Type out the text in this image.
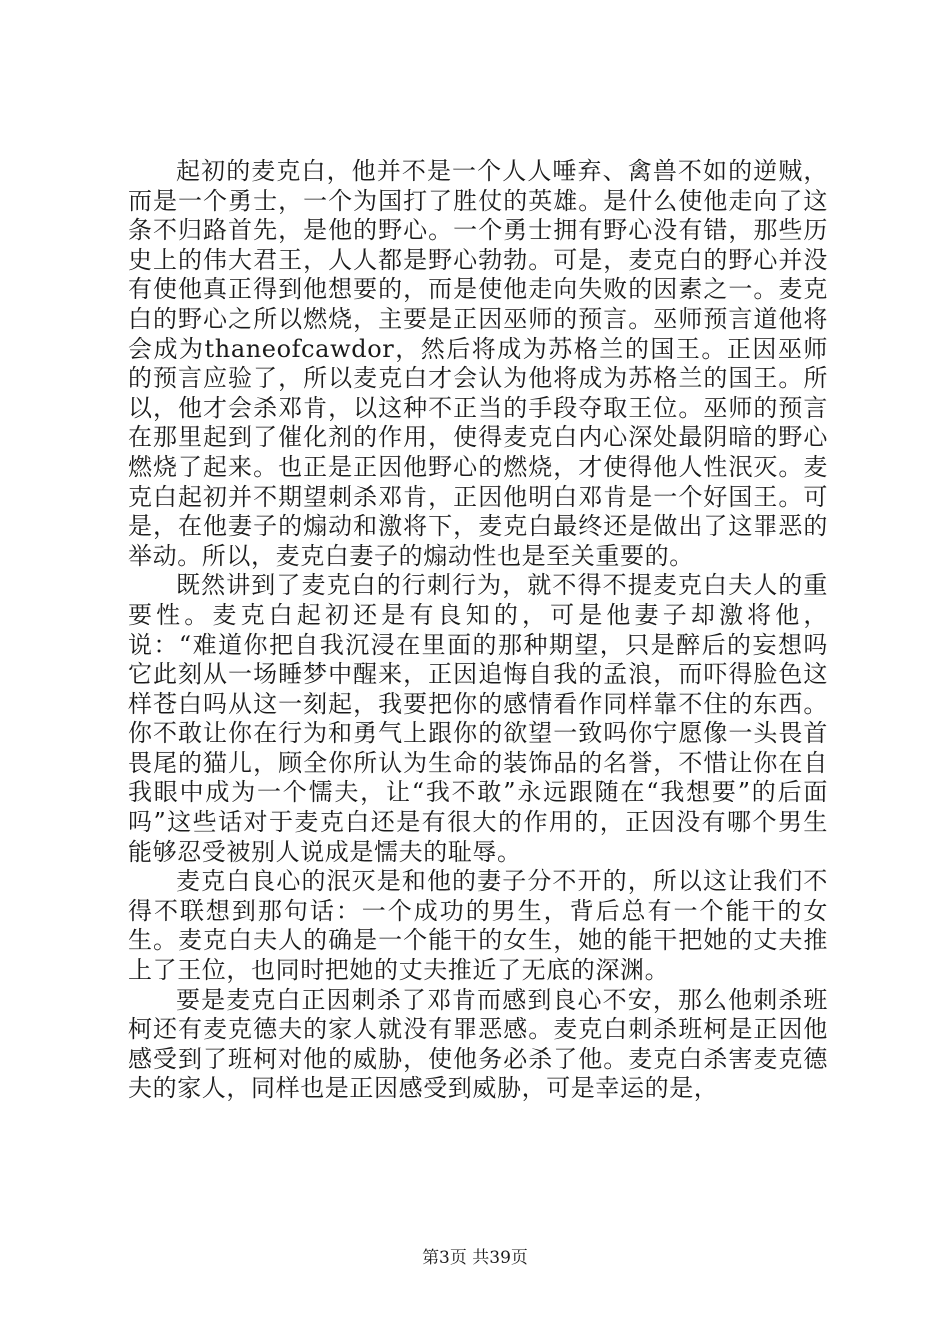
起初的麦克白，他并不是一个人人唾弃、禽兽不如的逆贼，而是一个勇士，一个为国打了胜仗的英雄。是什么使他走向了这条不归路首先，是他的野心。一个勇士拥有野心没有错，那些历史上的伟大君王，人人都是野心勃勃。可是，麦克白的野心并没有使他真正得到他想要的，而是使他走向失败的因素之一。麦克白的野心之所以燃烧，主要是正因巫师的预言。巫师预言道他将会成为thaneofcawdor，然后将成为苏格兰的国王。正因巫师的预言应验了，所以麦克白才会认为他将成为苏格兰的国王。所以，他才会杀邓肯，以这种不正当的手段夺取王位。巫师的预言在那里起到了催化剂的作用，使得麦克白内心深处最阴暗的野心燃烧了起来。也正是正因他野心的燃烧，才使得他人性泯灭。麦克白起初并不期望刺杀邓肯，正因他明白邓肯是一个好国王。可是，在他妻子的煽动和激将下，麦克白最终还是做出了这罪恶的举动。所以，麦克白妻子的煽动性也是至关重要的。

既然讲到了麦克白的行刺行为，就不得不提麦克白夫人的重要性。麦克白起初还是有良知的，可是他妻子却激将他，说：“难道你把自我沉浸在里面的那种期望，只是醉后的妄想吗它此刻从一场睡梦中醒来，正因追悔自我的孟浪，而吓得脸色这样苍白吗从这一刻起，我要把你的感情看作同样靠不住的东西。你不敢让你在行为和勇气上跟你的欲望一致吗你宁愿像一头畏首畏尾的猫儿，顾全你所认为生命的装饰品的名誉，不惜让你在自我眼中成为一个懦夫，让“我不敢”永远跟随在“我想要”的后面吗”这些话对于麦克白还是有很大的作用的，正因没有哪个男生能够忍受被别人说成是懦夫的耻辱。

麦克白良心的泯灭是和他的妻子分不开的，所以这让我们不得不联想到那句话：一个成功的男生，背后总有一个能干的女生。麦克白夫人的确是一个能干的女生，她的能干把她的丈夫推上了王位，也同时把她的丈夫推近了无底的深渊。

要是麦克白正因刺杀了邓肯而感到良心不安，那么他刺杀班柯还有麦克德夫的家人就没有罪恶感。麦克白刺杀班柯是正因他感受到了班柯对他的威胁，使他务必杀了他。麦克白杀害麦克德夫的家人，同样也是正因感受到威胁，可是幸运的是，

第3页 共39页
